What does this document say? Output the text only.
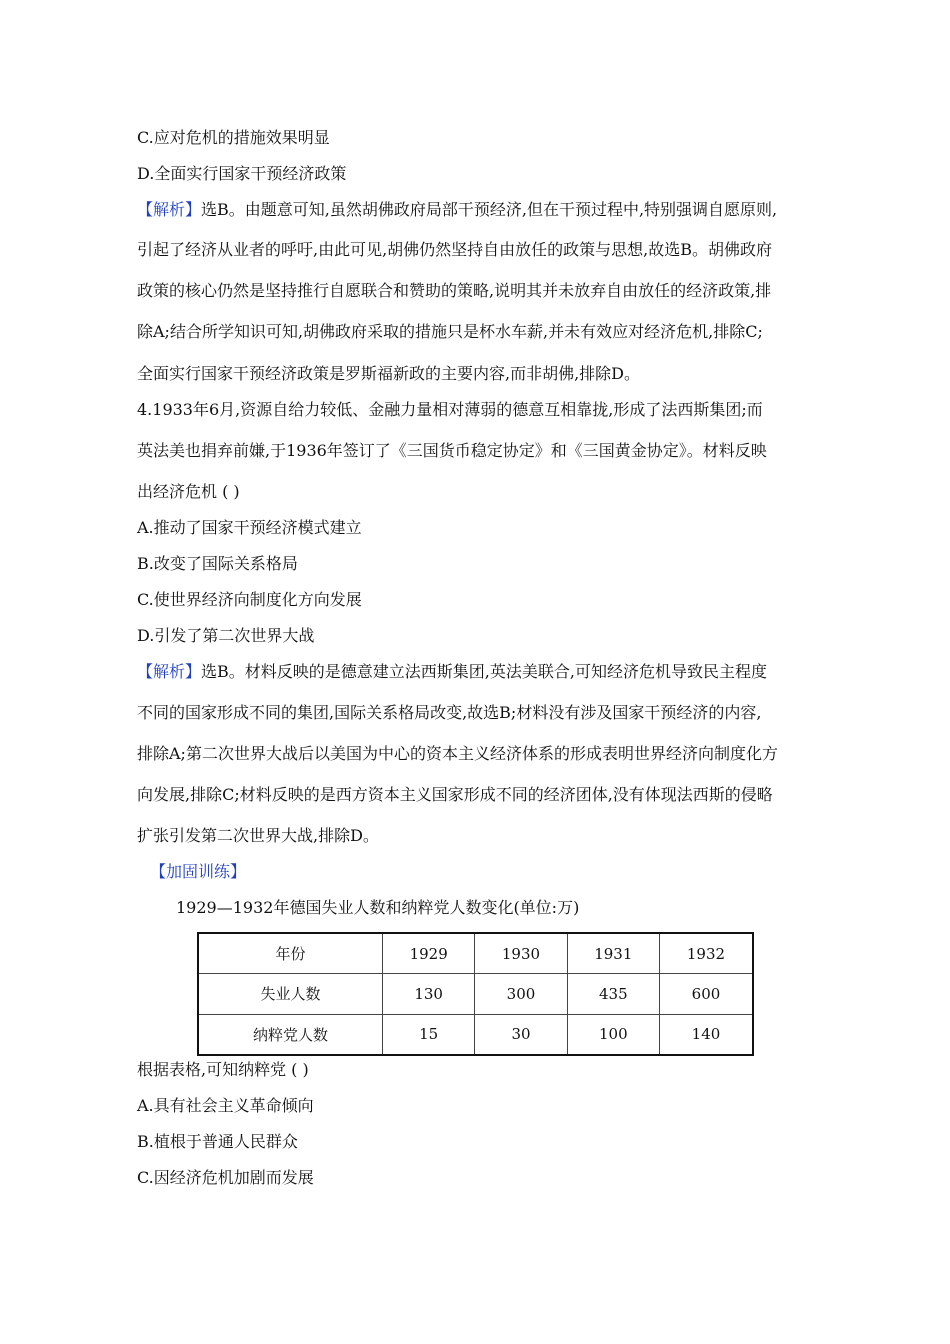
C.应对危机的措施效果明显
D.全面实行国家干预经济政策
【解析】选B。由题意可知,虽然胡佛政府局部干预经济,但在干预过程中,特别强调自愿原则,
引起了经济从业者的呼吁,由此可见,胡佛仍然坚持自由放任的政策与思想,故选B。胡佛政府
政策的核心仍然是坚持推行自愿联合和赞助的策略,说明其并未放弃自由放任的经济政策,排
除A;结合所学知识可知,胡佛政府采取的措施只是杯水车薪,并未有效应对经济危机,排除C;
全面实行国家干预经济政策是罗斯福新政的主要内容,而非胡佛,排除D。
4.1933年6月,资源自给力较低、金融力量相对薄弱的德意互相靠拢,形成了法西斯集团;而
英法美也捐弃前嫌,于1936年签订了《三国货币稳定协定》和《三国黄金协定》。材料反映
出经济危机 ( )
A.推动了国家干预经济模式建立
B.改变了国际关系格局
C.使世界经济向制度化方向发展
D.引发了第二次世界大战
【解析】选B。材料反映的是德意建立法西斯集团,英法美联合,可知经济危机导致民主程度
不同的国家形成不同的集团,国际关系格局改变,故选B;材料没有涉及国家干预经济的内容,
排除A;第二次世界大战后以美国为中心的资本主义经济体系的形成表明世界经济向制度化方
向发展,排除C;材料反映的是西方资本主义国家形成不同的经济团体,没有体现法西斯的侵略
扩张引发第二次世界大战,排除D。
【加固训练】
1929—1932年德国失业人数和纳粹党人数变化(单位:万)
年份	1929	1930	1931	1932
失业人数	130	300	435	600
纳粹党人数	15	30	100	140
根据表格,可知纳粹党 ( )
A.具有社会主义革命倾向
B.植根于普通人民群众
C.因经济危机加剧而发展
